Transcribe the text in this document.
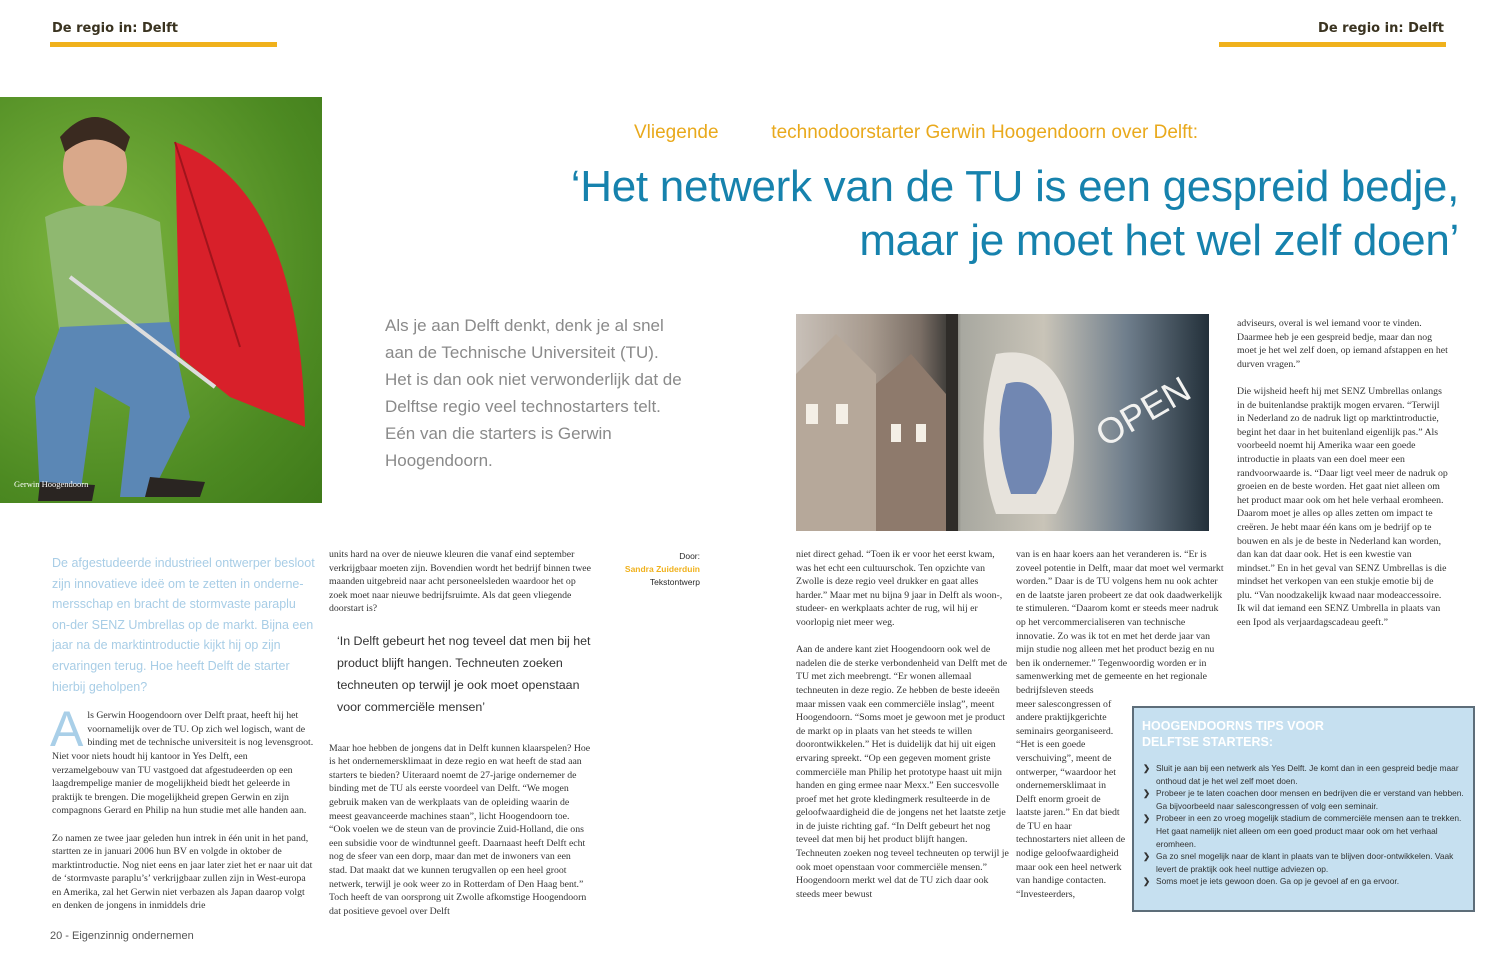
De regio in: Delft	De regio in: Delft
Gerwin Hoogendoorn
Vliegende          technodoorstarter Gerwin Hoogendoorn over Delft:
‘Het netwerk van de TU is een gespreid bedje,
maar je moet het wel zelf doen’
Als je aan Delft denkt, denk je al snel aan de Technische Universiteit (TU). Het is dan ook niet verwonderlijk dat de Delftse regio veel technostarters telt. Eén van die starters is Gerwin Hoogendoorn.
OPEN
De afgestudeerde industrieel ontwerper besloot zijn innovatieve ideë om te zetten in onderne-mersschap en bracht de stormvaste paraplu on-der SENZ Umbrellas op de markt. Bijna een jaar na de marktintroductie kijkt hij op zijn ervaringen terug. Hoe heeft Delft de starter hierbij geholpen?

Als Gerwin Hoogendoorn over Delft praat, heeft hij het voornamelijk over de TU. Op zich wel logisch, want de binding met de technische universiteit is nog levensgroot. Niet voor niets houdt hij kantoor in Yes Delft, een verzamelgebouw van TU vastgoed dat afgestudeerden op een laagdrempelige manier de mogelijkheid biedt het geleerde in praktijk te brengen. Die mogelijkheid grepen Gerwin en zijn compagnons Gerard en Philip na hun studie met alle handen aan.

Zo namen ze twee jaar geleden hun intrek in één unit in het pand, startten ze in januari 2006 hun BV en volgde in oktober de marktintroductie. Nog niet eens en jaar later ziet het er naar uit dat de ‘stormvaste paraplu’s’ verkrijgbaar zullen zijn in West-europa en Amerika, zal het Gerwin niet verbazen als Japan daarop volgt en denken de jongens in inmiddels drie

units hard na over de nieuwe kleuren die vanaf eind september verkrijgbaar moeten zijn. Bovendien wordt het bedrijf binnen twee maanden uitgebreid naar acht personeelsleden waardoor het op zoek moet naar nieuwe bedrijfsruimte. Als dat geen vliegende doorstart is?

‘In Delft gebeurt het nog teveel dat men bij het product blijft hangen. Techneuten zoeken techneuten op terwijl je ook moet openstaan voor commerciële mensen’

Maar hoe hebben de jongens dat in Delft kunnen klaarspelen? Hoe is het ondernemersklimaat in deze regio en wat heeft de stad aan starters te bieden? Uiteraard noemt de 27-jarige ondernemer de binding met de TU als eerste voordeel van Delft. “We mogen gebruik maken van de werkplaats van de opleiding waarin de meest geavanceerde machines staan”, licht Hoogendoorn toe. “Ook voelen we de steun van de provincie Zuid-Holland, die ons een subsidie voor de windtunnel geeft. Daarnaast heeft Delft echt nog de sfeer van een dorp, maar dan met de inwoners van een stad. Dat maakt dat we kunnen terugvallen op een heel groot netwerk, terwijl je ook weer zo in Rotterdam of Den Haag bent.” Toch heeft de van oorsprong uit Zwolle afkomstige Hoogendoorn dat positieve gevoel over Delft

Door:
Sandra Zuiderduin
Tekstontwerp

niet direct gehad. “Toen ik er voor het eerst kwam, was het echt een cultuurschok. Ten opzichte van Zwolle is deze regio veel drukker en gaat alles harder.” Maar met nu bijna 9 jaar in Delft als woon-, studeer- en werkplaats achter de rug, wil hij er voorlopig niet meer weg.

Aan de andere kant ziet Hoogendoorn ook wel de nadelen die de sterke verbondenheid van Delft met de TU met zich meebrengt. “Er wonen allemaal techneuten in deze regio. Ze hebben de beste ideeën maar missen vaak een commerciële inslag”, meent Hoogendoorn. “Soms moet je gewoon met je product de markt op in plaats van het steeds te willen doorontwikkelen.” Het is duidelijk dat hij uit eigen ervaring spreekt. “Op een gegeven moment griste commerciële man Philip het prototype haast uit mijn handen en ging ermee naar Mexx.” Een succesvolle proef met het grote kledingmerk resulteerde in de geloofwaardigheid die de jongens net het laatste zetje in de juiste richting gaf. “In Delft gebeurt het nog teveel dat men bij het product blijft hangen. Techneuten zoeken nog teveel techneuten op terwijl je ook moet openstaan voor commerciële mensen.” Hoogendoorn merkt wel dat de TU zich daar ook steeds meer bewust

van is en haar koers aan het veranderen is. “Er is zoveel potentie in Delft, maar dat moet wel vermarkt worden.” Daar is de TU volgens hem nu ook achter en de laatste jaren probeert ze dat ook daadwerkelijk te stimuleren. “Daarom komt er steeds meer nadruk op het vercommercialiseren van technische innovatie. Zo was ik tot en met het derde jaar van mijn studie nog alleen met het product bezig en nu ben ik ondernemer.” Tegenwoordig worden er in samenwerking met de gemeente en het regionale bedrijfsleven steeds

meer salescongressen of andere praktijkgerichte seminairs georganiseerd. “Het is een goede verschuiving”, meent de ontwerper, “waardoor het ondernemersklimaat in Delft enorm groeit de laatste jaren.” En dat biedt de TU en haar technostarters niet alleen de nodige geloofwaardigheid maar ook een heel netwerk van handige contacten. “Investeerders,

adviseurs, overal is wel iemand voor te vinden. Daarmee heb je een gespreid bedje, maar dan nog moet je het wel zelf doen, op iemand afstappen en het durven vragen.”

Die wijsheid heeft hij met SENZ Umbrellas onlangs in de buitenlandse praktijk mogen ervaren. “Terwijl in Nederland zo de nadruk ligt op marktintroductie, begint het daar in het buitenland eigenlijk pas.” Als voorbeeld noemt hij Amerika waar een goede introductie in plaats van een doel meer een randvoorwaarde is. “Daar ligt veel meer de nadruk op groeien en de beste worden. Het gaat niet alleen om het product maar ook om het hele verhaal eromheen. Daarom moet je alles op alles zetten om impact te creëren. Je hebt maar één kans om je bedrijf op te bouwen en als je de beste in Nederland kan worden, dan kan dat daar ook. Het is een kwestie van mindset.” En in het geval van SENZ Umbrellas is die mindset het verkopen van een stukje emotie bij de plu. “Van noodzakelijk kwaad naar modeaccessoire. Ik wil dat iemand een SENZ Umbrella in plaats van een Ipod als verjaardagscadeau geeft.”

HOOGENDOORNS TIPS VOOR
DELFTSE STARTERS:
❯ Sluit je aan bij een netwerk als Yes Delft. Je komt dan in een gespreid bedje maar onthoud dat je het wel zelf moet doen.
❯ Probeer je te laten coachen door mensen en bedrijven die er verstand van hebben. Ga bijvoorbeeld naar salescongressen of volg een seminair.
❯ Probeer in een zo vroeg mogelijk stadium de commerciële mensen aan te trekken. Het gaat namelijk niet alleen om een goed product maar ook om het verhaal eromheen.
❯ Ga zo snel mogelijk naar de klant in plaats van te blijven door-ontwikkelen. Vaak levert de praktijk ook heel nuttige adviezen op.
❯ Soms moet je iets gewoon doen. Ga op je gevoel af en ga ervoor.
20 - Eigenzinnig ondernemen
